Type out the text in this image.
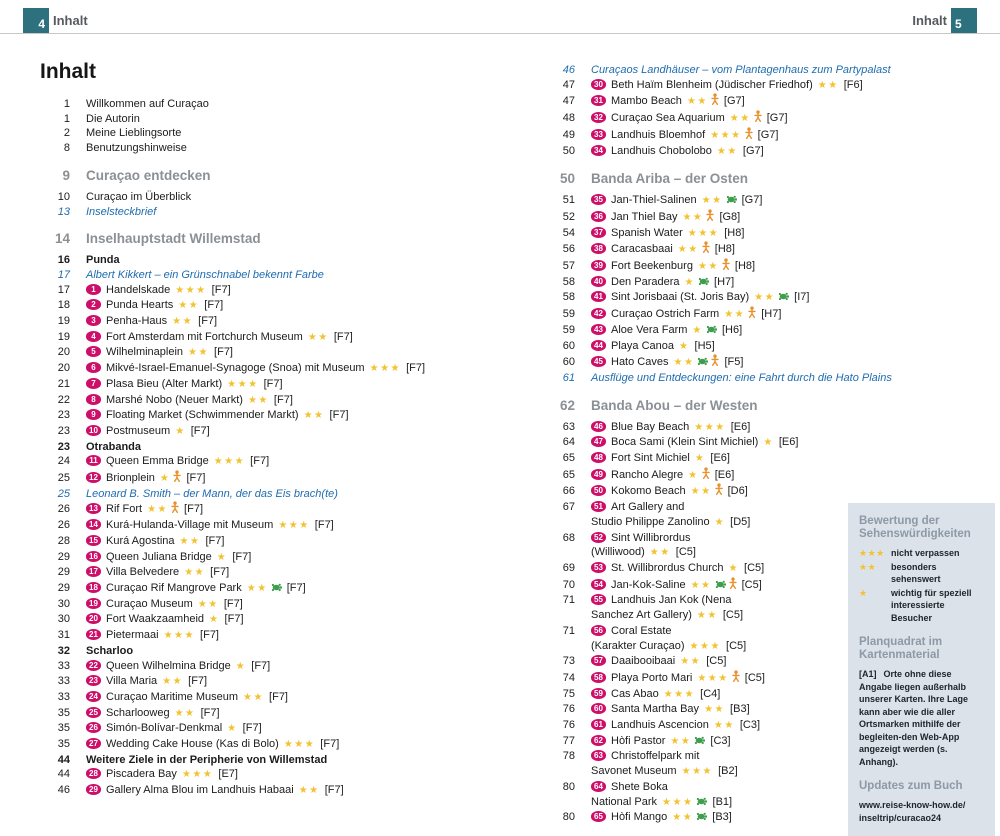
4 Inhalt	Inhalt 5
Inhalt
1 Willkommen auf Curaçao
1 Die Autorin
2 Meine Lieblingsorte
8 Benutzungshinweise
9 Curaçao entdecken
10 Curaçao im Überblick
13 Inselsteckbrief
14 Inselhauptstadt Willemstad
16 Punda
17 Albert Kikkert – ein Grünschnabel bekennt Farbe
17	1 Handelskade ★★★ [F7]
18	2 Punda Hearts ★★ [F7]
19	3 Penha-Haus ★★ [F7]
19	4 Fort Amsterdam mit Fortchurch Museum ★★ [F7]
20	5 Wilhelminaplein ★★ [F7]
20	6 Mikvé-Israel-Emanuel-Synagoge (Snoa) mit Museum ★★★ [F7]
21	7 Plasa Bieu (Alter Markt) ★★★ [F7]
22	8 Marshé Nobo (Neuer Markt) ★★ [F7]
23	9 Floating Market (Schwimmender Markt) ★★ [F7]
23	10 Postmuseum ★ [F7]
23 Otrabanda
24	11 Queen Emma Bridge ★★★ [F7]
25	12 Brionplein ★ [F7]
25 Leonard B. Smith – der Mann, der das Eis brach(te)
26	13 Rif Fort ★★ [F7]
26	14 Kurá-Hulanda-Village mit Museum ★★★ [F7]
28	15 Kurá Agostina ★★ [F7]
29	16 Queen Juliana Bridge ★ [F7]
29	17 Villa Belvedere ★★ [F7]
29	18 Curaçao Rif Mangrove Park ★★ [F7]
30	19 Curaçao Museum ★★ [F7]
30	20 Fort Waakzaamheid ★ [F7]
31	21 Pietermaai ★★★ [F7]
32 Scharloo
33	22 Queen Wilhelmina Bridge ★ [F7]
33	23 Villa Maria ★★ [F7]
33	24 Curaçao Maritime Museum ★★ [F7]
35	25 Scharlooweg ★★ [F7]
35	26 Simón-Bolívar-Denkmal ★ [F7]
35	27 Wedding Cake House (Kas di Bolo) ★★★ [F7]
44 Weitere Ziele in der Peripherie von Willemstad
44	28 Piscadera Bay ★★★ [E7]
46	29 Gallery Alma Blou im Landhuis Habaai ★★ [F7]
46 Curaçaos Landhäuser – vom Plantagenhaus zum Partypalast
47	30 Beth Haïm Blenheim (Jüdischer Friedhof) ★★ [F6]
47	31 Mambo Beach ★★ [G7]
48	32 Curaçao Sea Aquarium ★★ [G7]
49	33 Landhuis Bloemhof ★★★ [G7]
50	34 Landhuis Chobolobo ★★ [G7]
50 Banda Ariba – der Osten
51	35 Jan-Thiel-Salinen ★★ [G7]
52	36 Jan Thiel Bay ★★ [G8]
54	37 Spanish Water ★★★ [H8]
56	38 Caracasbaai ★★ [H8]
57	39 Fort Beekenburg ★★ [H8]
58	40 Den Paradera ★ [H7]
58	41 Sint Jorisbaai (St. Joris Bay) ★★ [I7]
59	42 Curaçao Ostrich Farm ★★ [H7]
59	43 Aloe Vera Farm ★ [H6]
60	44 Playa Canoa ★ [H5]
60	45 Hato Caves ★★ [F5]
61 Ausflüge und Entdeckungen: eine Fahrt durch die Hato Plains
62 Banda Abou – der Westen
63	46 Blue Bay Beach ★★★ [E6]
64	47 Boca Sami (Klein Sint Michiel) ★ [E6]
65	48 Fort Sint Michiel ★ [E6]
65	49 Rancho Alegre ★ [E6]
66	50 Kokomo Beach ★★ [D6]
67	51 Art Gallery and
Studio Philippe Zanolino ★ [D5]
68	52 Sint Willibrordus
(Williwood) ★★ [C5]
69	53 St. Willibrordus Church ★ [C5]
70	54 Jan-Kok-Saline ★★ [C5]
71	55 Landhuis Jan Kok (Nena
Sanchez Art Gallery) ★★ [C5]
71	56 Coral Estate
(Karakter Curaçao) ★★★ [C5]
73	57 Daaibooibaai ★★ [C5]
74	58 Playa Porto Mari ★★★ [C5]
75	59 Cas Abao ★★★ [C4]
76	60 Santa Martha Bay ★★ [B3]
76	61 Landhuis Ascencion ★★ [C3]
77	62 Hòfi Pastor ★★ [C3]
78	63 Christoffelpark mit
Savonet Museum ★★★ [B2]
80	64 Shete Boka
National Park ★★★ [B1]
80	65 Hòfi Mango ★★ [B3]
Bewertung der Sehenswürdigkeiten
★★★ nicht verpassen
★★	besonders sehenswert
★	wichtig für speziell interessierte Besucher
Planquadrat im Kartenmaterial

[A1] Orte ohne diese Angabe liegen außerhalb unserer Karten. Ihre Lage kann aber wie die aller Ortsmarken mithilfe der begleiten-den Web-App angezeigt werden (s. Anhang).

Updates zum Buch

www.reise-know-how.de/
inseltrip/curacao24
